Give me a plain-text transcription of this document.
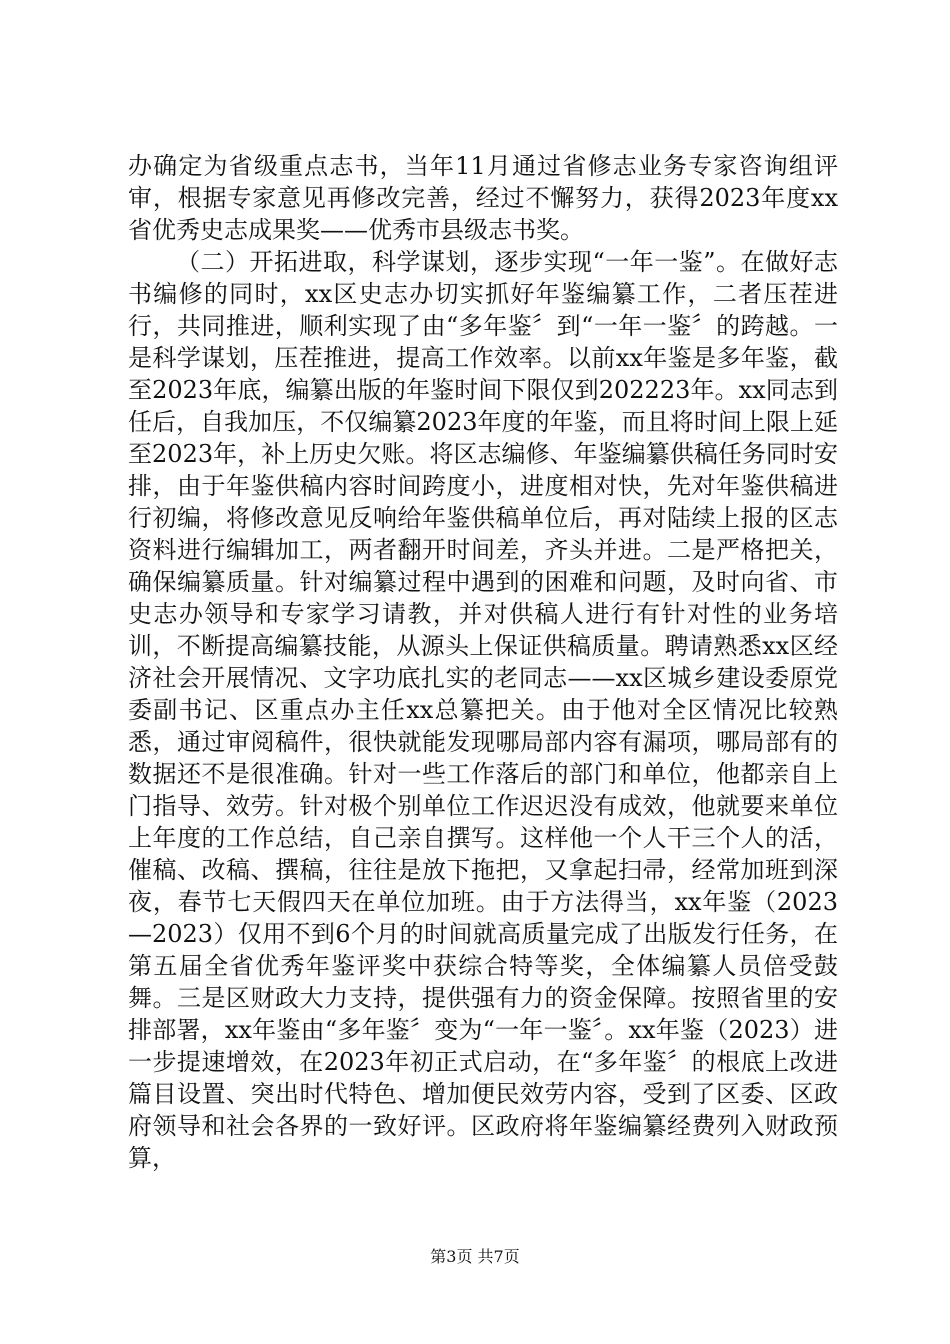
办确定为省级重点志书，当年11月通过省修志业务专家咨询组评审，根据专家意见再修改完善，经过不懈努力，获得2023年度xx省优秀史志成果奖——优秀市县级志书奖。

（二）开拓进取，科学谋划，逐步实现“一年一鉴”。在做好志书编修的同时，xx区史志办切实抓好年鉴编纂工作，二者压茬进行，共同推进，顺利实现了由“多年鉴〞到“一年一鉴〞的跨越。一是科学谋划，压茬推进，提高工作效率。以前xx年鉴是多年鉴，截至2023年底，编纂出版的年鉴时间下限仅到202223年。xx同志到任后，自我加压，不仅编纂2023年度的年鉴，而且将时间上限上延至2023年，补上历史欠账。将区志编修、年鉴编纂供稿任务同时安排，由于年鉴供稿内容时间跨度小，进度相对快，先对年鉴供稿进行初编，将修改意见反响给年鉴供稿单位后，再对陆续上报的区志资料进行编辑加工，两者翻开时间差，齐头并进。二是严格把关，确保编纂质量。针对编纂过程中遇到的困难和问题，及时向省、市史志办领导和专家学习请教，并对供稿人进行有针对性的业务培训，不断提高编纂技能，从源头上保证供稿质量。聘请熟悉xx区经济社会开展情况、文字功底扎实的老同志——xx区城乡建设委原党委副书记、区重点办主任xx总纂把关。由于他对全区情况比较熟悉，通过审阅稿件，很快就能发现哪局部内容有漏项，哪局部有的数据还不是很准确。针对一些工作落后的部门和单位，他都亲自上门指导、效劳。针对极个别单位工作迟迟没有成效，他就要来单位上年度的工作总结，自己亲自撰写。这样他一个人干三个人的活，催稿、改稿、撰稿，往往是放下拖把，又拿起扫帚，经常加班到深夜，春节七天假四天在单位加班。由于方法得当，xx年鉴（2023—2023）仅用不到6个月的时间就高质量完成了出版发行任务，在第五届全省优秀年鉴评奖中获综合特等奖，全体编纂人员倍受鼓舞。三是区财政大力支持，提供强有力的资金保障。按照省里的安排部署，xx年鉴由“多年鉴〞变为“一年一鉴〞。xx年鉴（2023）进一步提速增效，在2023年初正式启动，在“多年鉴〞的根底上改进篇目设置、突出时代特色、增加便民效劳内容，受到了区委、区政府领导和社会各界的一致好评。区政府将年鉴编纂经费列入财政预算，

第3页 共7页
